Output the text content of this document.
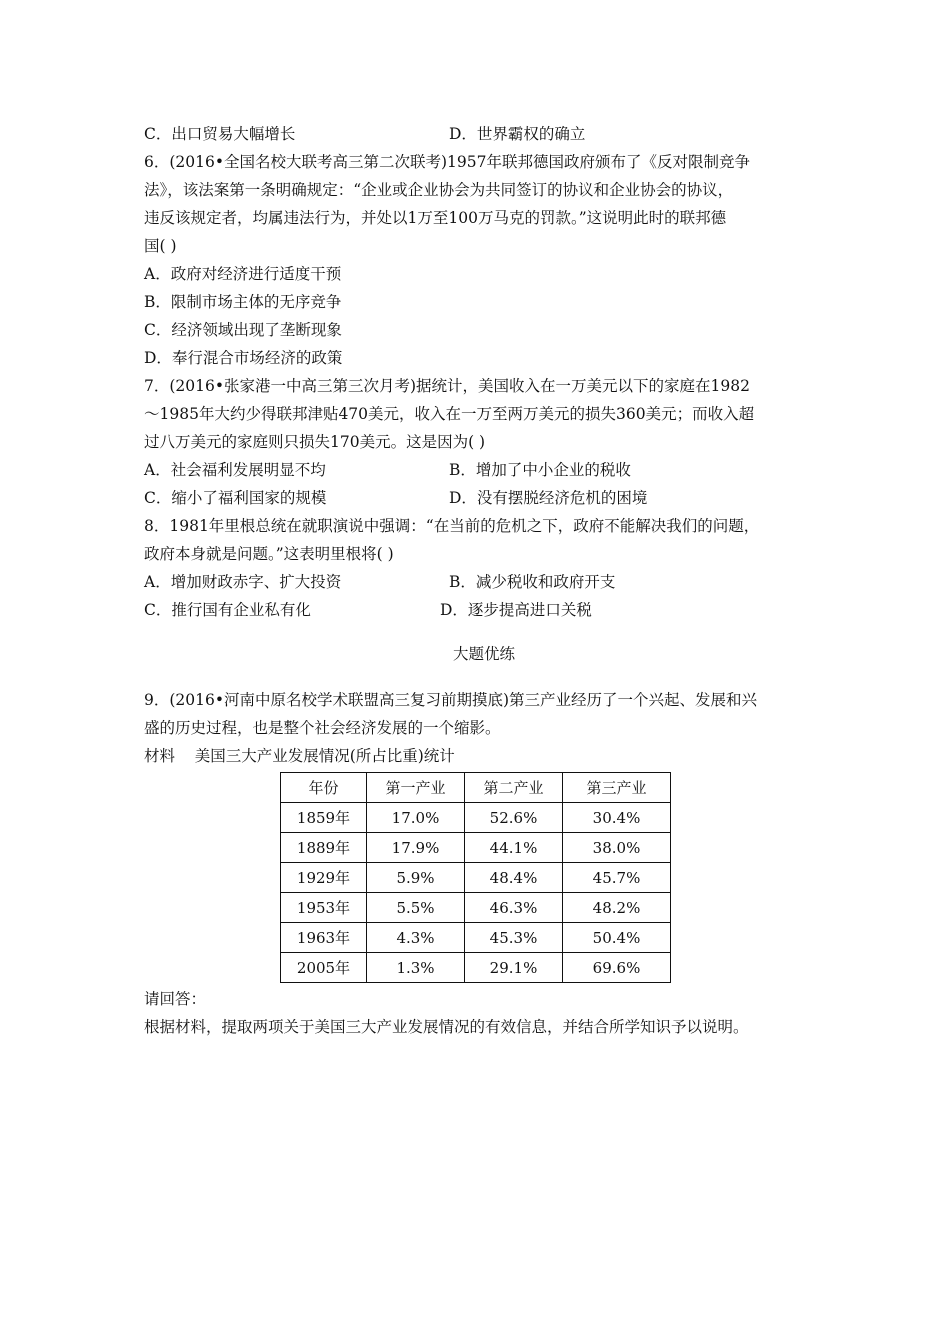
C．出口贸易大幅增长	D．世界霸权的确立
6．(2016•全国名校大联考高三第二次联考)1957年联邦德国政府颁布了《反对限制竞争
法》，该法案第一条明确规定：“企业或企业协会为共同签订的协议和企业协会的协议，
违反该规定者，均属违法行为，并处以1万至100万马克的罚款。”这说明此时的联邦德
国( )
A．政府对经济进行适度干预
B．限制市场主体的无序竞争
C．经济领域出现了垄断现象
D．奉行混合市场经济的政策
7．(2016•张家港一中高三第三次月考)据统计，美国收入在一万美元以下的家庭在1982
～1985年大约少得联邦津贴470美元，收入在一万至两万美元的损失360美元；而收入超
过八万美元的家庭则只损失170美元。这是因为( )
A．社会福利发展明显不均	B．增加了中小企业的税收
C．缩小了福利国家的规模	D．没有摆脱经济危机的困境
8．1981年里根总统在就职演说中强调：“在当前的危机之下，政府不能解决我们的问题，
政府本身就是问题。”这表明里根将( )
A．增加财政赤字、扩大投资	B．减少税收和政府开支
C．推行国有企业私有化	D．逐步提高进口关税
大题优练
9．(2016•河南中原名校学术联盟高三复习前期摸底)第三产业经历了一个兴起、发展和兴
盛的历史过程，也是整个社会经济发展的一个缩影。
材料    美国三大产业发展情况(所占比重)统计
年份	第一产业	第二产业	第三产业
1859年	17.0%	52.6%	30.4%
1889年	17.9%	44.1%	38.0%
1929年	5.9%	48.4%	45.7%
1953年	5.5%	46.3%	48.2%
1963年	4.3%	45.3%	50.4%
2005年	1.3%	29.1%	69.6%
请回答：
根据材料，提取两项关于美国三大产业发展情况的有效信息，并结合所学知识予以说明。
